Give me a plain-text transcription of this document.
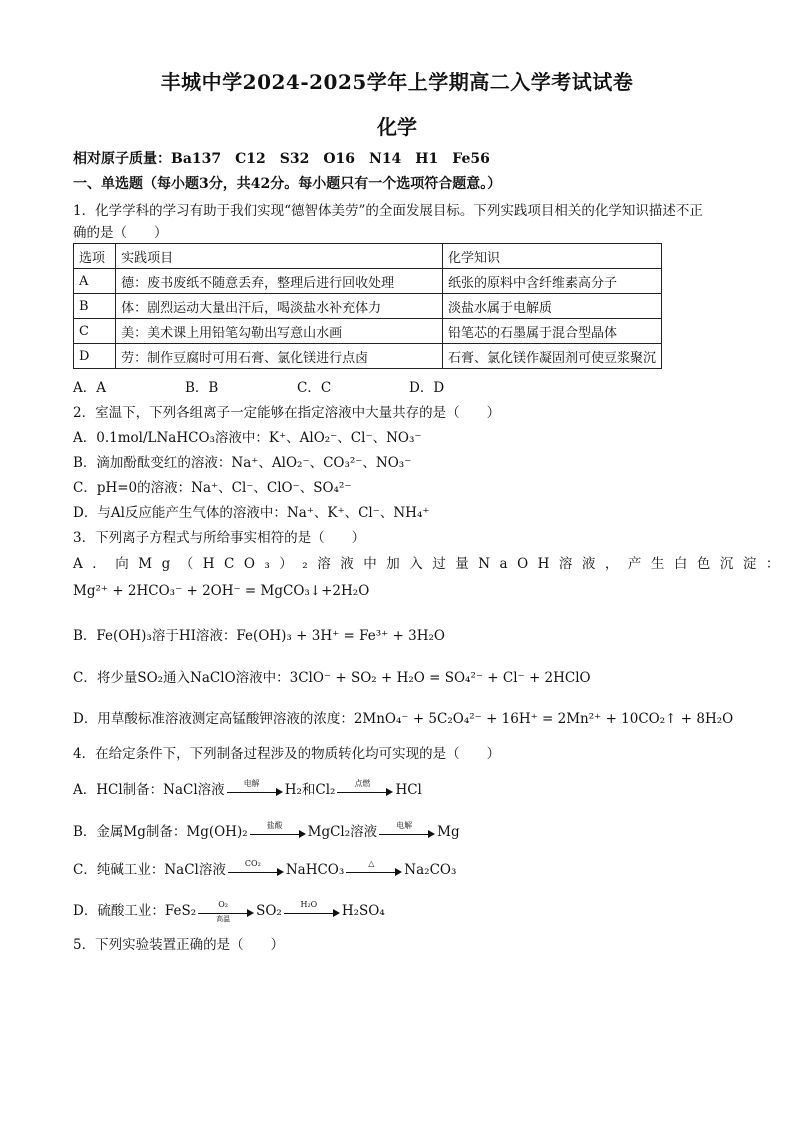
丰城中学2024-2025学年上学期高二入学考试试卷
化学
相对原子质量：Ba137　C12　S32　O16　N14　H1　Fe56
一、单选题（每小题3分，共42分。每小题只有一个选项符合题意。）
1．化学学科的学习有助于我们实现“德智体美劳”的全面发展目标。下列实践项目相关的化学知识描述不正
确的是（　　）
选项	实践项目	化学知识
A	德：废书废纸不随意丢弃，整理后进行回收处理	纸张的原料中含纤维素高分子
B	体：剧烈运动大量出汗后，喝淡盐水补充体力	淡盐水属于电解质
C	美：美术课上用铅笔勾勒出写意山水画	铅笔芯的石墨属于混合型晶体
D	劳：制作豆腐时可用石膏、氯化镁进行点卤	石膏、氯化镁作凝固剂可使豆浆聚沉
A．A	B．B	C．C	D．D
2．室温下，下列各组离子一定能够在指定溶液中大量共存的是（　　）
A．0.1mol/LNaHCO₃溶液中：K⁺、AlO₂⁻、Cl⁻、NO₃⁻
B．滴加酚酞变红的溶液：Na⁺、AlO₂⁻、CO₃²⁻、NO₃⁻
C．pH=0的溶液：Na⁺、Cl⁻、ClO⁻、SO₄²⁻
D．与Al反应能产生气体的溶液中：Na⁺、K⁺、Cl⁻、NH₄⁺
3．下列离子方程式与所给事实相符的是（　　）
A．向Mg（HCO₃）₂溶液中加入过量NaOH溶液，产生白色沉淀：
Mg²⁺ + 2HCO₃⁻ + 2OH⁻ = MgCO₃↓+2H₂O
B．Fe(OH)₃溶于HI溶液：Fe(OH)₃ + 3H⁺ = Fe³⁺ + 3H₂O
C．将少量SO₂通入NaClO溶液中：3ClO⁻ + SO₂ + H₂O = SO₄²⁻ + Cl⁻ + 2HClO
D．用草酸标准溶液测定高锰酸钾溶液的浓度：2MnO₄⁻ + 5C₂O₄²⁻ + 16H⁺ = 2Mn²⁺ + 10CO₂↑ + 8H₂O
4．在给定条件下，下列制备过程涉及的物质转化均可实现的是（　　）
A．HCl制备：NaCl溶液	电解	H₂和Cl₂	点燃	HCl
B．金属Mg制备：Mg(OH)₂	盐酸	MgCl₂溶液	电解	Mg
C．纯碱工业：NaCl溶液	CO₂	NaHCO₃	△	Na₂CO₃
D．硫酸工业：FeS₂	O₂
高温	SO₂	H₂O	H₂SO₄
5．下列实验装置正确的是（　　）
